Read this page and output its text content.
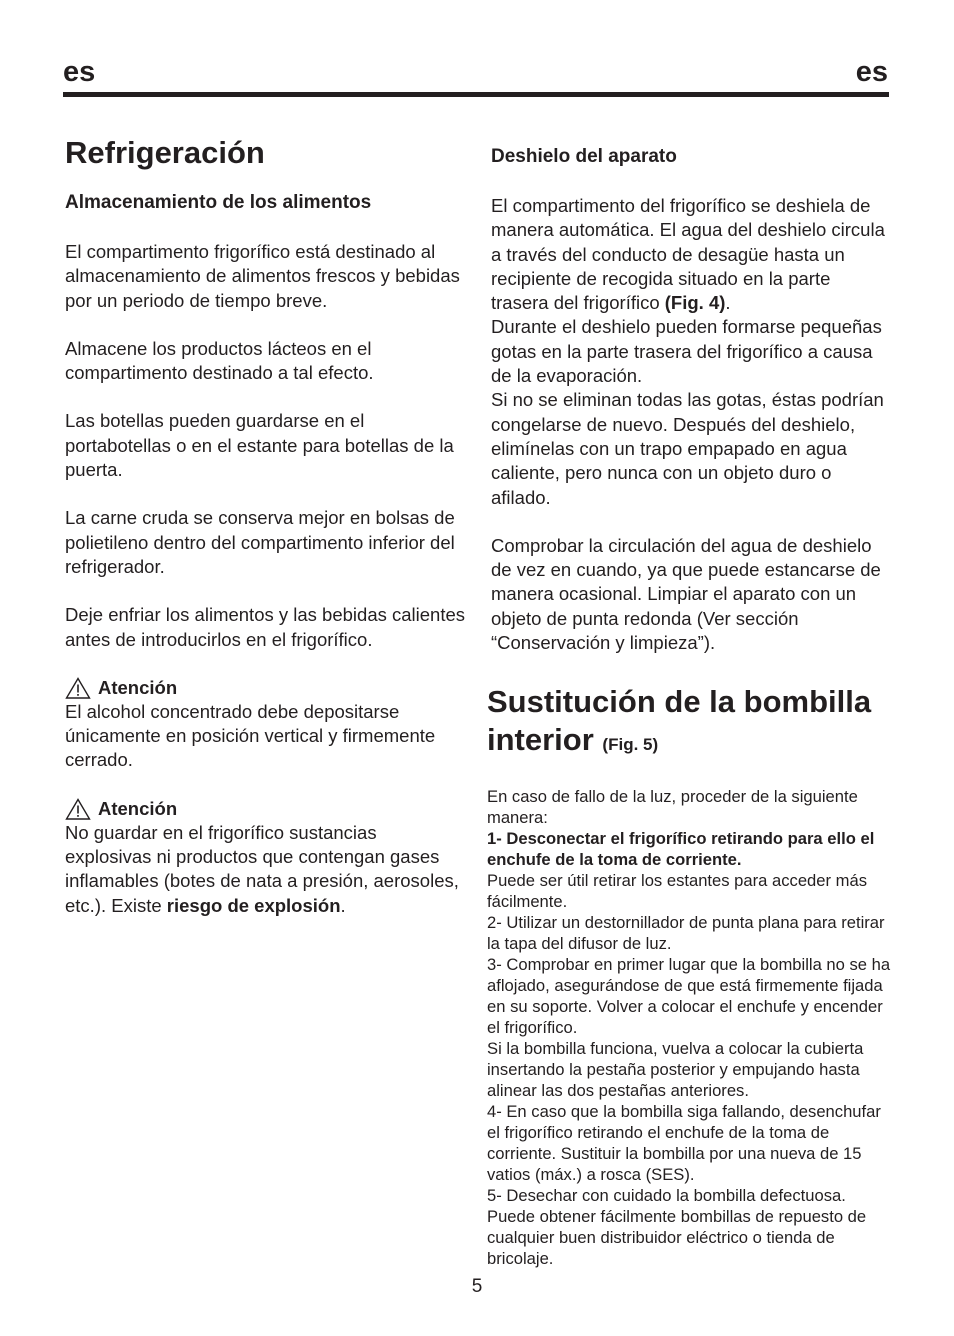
es	es
Refrigeración
Almacenamiento de los alimentos

El compartimento frigorífico está destinado al almacenamiento de alimentos frescos y bebidas por un periodo de tiempo breve.

Almacene los productos lácteos en el compartimento destinado a tal efecto.

Las botellas pueden guardarse en el portabotellas o en el estante para botellas de la puerta.

La carne cruda se conserva mejor en bolsas de polietileno dentro del compartimento inferior del refrigerador.

Deje enfriar los alimentos y las bebidas calientes antes de introducirlos en el frigorífico.

Atención

El alcohol concentrado debe depositarse únicamente en posición vertical y firmemente cerrado.

Atención

No guardar en el frigorífico sustancias explosivas ni productos que contengan gases inflamables (botes de nata a presión, aerosoles, etc.). Existe riesgo de explosión.

Deshielo del aparato

El compartimento del frigorífico se deshiela de manera automática. El agua del deshielo circula a través del conducto de desagüe hasta un recipiente de recogida situado en la parte trasera del frigorífico (Fig. 4).

Durante el deshielo pueden formarse pequeñas gotas en la parte trasera del frigorífico a causa de la evaporación.

Si no se eliminan todas las gotas, éstas podrían congelarse de nuevo. Después del deshielo, elimínelas con un trapo empapado en agua caliente, pero nunca con un objeto duro o afilado.

Comprobar la circulación del agua de deshielo de vez en cuando, ya que puede estancarse de manera ocasional. Limpiar el aparato con un objeto de punta redonda (Ver sección “Conservación y limpieza”).

Sustitución de la bombilla interior (Fig. 5)

En caso de fallo de la luz, proceder de la siguiente manera:

1- Desconectar el frigorífico retirando para ello el enchufe de la toma de corriente.

Puede ser útil retirar los estantes para acceder más fácilmente.

2- Utilizar un destornillador de punta plana para retirar la tapa del difusor de luz.

3- Comprobar en primer lugar que la bombilla no se ha aflojado, asegurándose de que está firmemente fijada en su soporte. Volver a colocar el enchufe y encender el frigorífico.

Si la bombilla funciona, vuelva a colocar la cubierta insertando la pestaña posterior y empujando hasta alinear las dos pestañas anteriores.

4- En caso que la bombilla siga fallando, desenchufar el frigorífico retirando el enchufe de la toma de corriente. Sustituir la bombilla por una nueva de 15 vatios (máx.) a rosca (SES).

5- Desechar con cuidado la bombilla defectuosa. Puede obtener fácilmente bombillas de repuesto de cualquier buen distribuidor eléctrico o tienda de bricolaje.

5
